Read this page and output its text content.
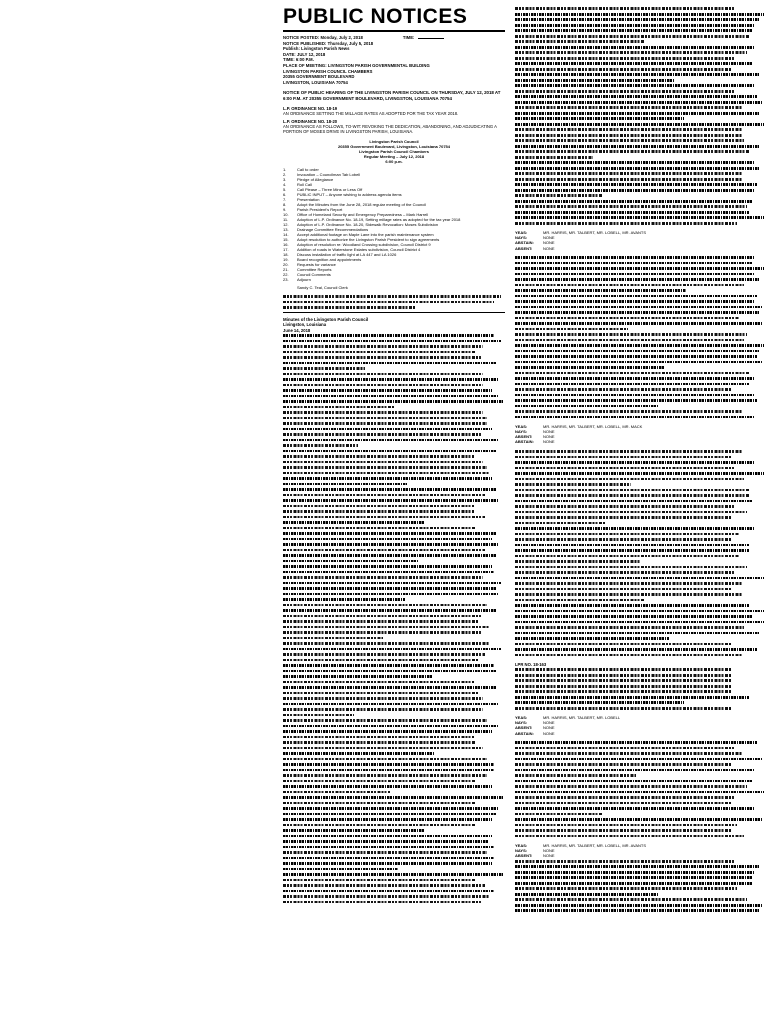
PUBLIC NOTICES
NOTICE POSTED: Monday, July 2, 2018	TIME:
NOTICE PUBLISHED: Thursday, July 5, 2018
Publish: Livingston Parish News
DATE: JULY 12, 2018
TIME: 6:00 P.M.
PLACE OF MEETING: LIVINGSTON PARISH GOVERNMENTAL BUILDING
LIVINGSTON PARISH COUNCIL CHAMBERS
20355 GOVERNMENT BOULEVARD
LIVINGSTON, LOUISIANA 70754
NOTICE OF PUBLIC HEARING OF THE LIVINGSTON PARISH COUNCIL ON THURSDAY, JULY 12, 2018 AT 6:00 P.M. AT 20355 GOVERNMENT BOULEVARD, LIVINGSTON, LOUISIANA 70754
L.P. ORDINANCE NO. 18-19
AN ORDINANCE SETTING THE MILLAGE RATES AS ADOPTED FOR THE TAX YEAR 2018.
L.P. ORDINANCE NO. 18-20
AN ORDINANCE AS FOLLOWS, TO-WIT: REVOKING THE DEDICATION, ABANDONING, AND ADJUDICATING A PORTION OF MOSES DRIVE IN LIVINGSTON PARISH, LOUISIANA.
Livingston Parish Council
20355 Government Boulevard, Livingston, Louisiana 70754
Livingston Parish Council Chambers
Regular Meeting – July 12, 2018
6:00 p.m.
1.	Call to order
2.	Invocation – Councilman Tab Lobell
3.	Pledge of Allegiance
4.	Roll Call
5.	Call Please – Three Mins or Less Off
6.	PUBLIC INPUT – Anyone wishing to address agenda items
7.	Presentation
8.	Adopt the Minutes from the June 28, 2018 regular meeting of the Council
9.	Parish President's Report
10.	Office of Homeland Security and Emergency Preparedness – Mark Harrell
11.	Adoption of L.P. Ordinance No. 18-19, Setting millage rates as adopted for the tax year 2018
12.	Adoption of L.P. Ordinance No. 18-20, Sidewalk Revocation: Moses Subdivision
13.	Drainage Committee Recommendations
14.	Accept additional footage on Maple Lane into the parish maintenance system
15.	Adopt resolution to authorize the Livingston Parish President to sign agreements
16.	Adoption of resolution re: Woodland Crossing subdivision, Council District 9
17.	Addition of roads in Waterstone Estates subdivision, Council District 4
18.	Discuss installation of traffic light at LA 447 and LA 1026
19.	Board recognition and appointments
20.	Requests for variance
21.	Committee Reports
22.	Council Comments
23.	Adjourn
Sandy C. Teal, Council Clerk
Minutes of the Livingston Parish Council
Livingston, Louisiana
June 14, 2018
YEAS:	MR. HARRIS, MR. TALBERT, MR. LOBELL, MR. AVANTS
NAYS:	NONE
ABSTAIN:	NONE
ABSENT:	NONE
YEAS:	MR. HARRIS, MR. TALBERT, MR. LOBELL, MR. MACK
NAYS:	NONE
ABSENT:	NONE
ABSTAIN:	NONE
LPR NO. 18-163
YEAS:	MR. HARRIS, MR. TALBERT, MR. LOBELL
NAYS:	NONE
ABSENT:	NONE
ABSTAIN:	NONE
YEAS:	MR. HARRIS, MR. TALBERT, MR. LOBELL, MR. AVANTS
NAYS:	NONE
ABSENT:	NONE
